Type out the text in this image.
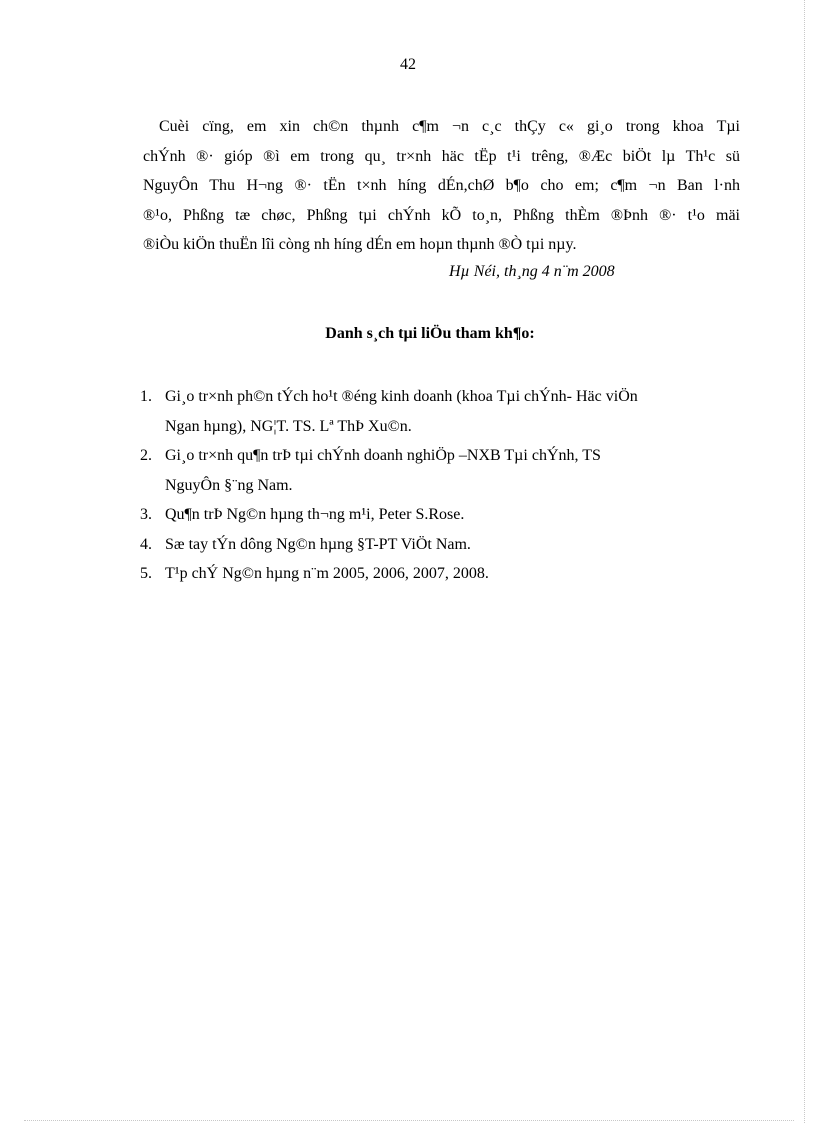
42
Cuèi cïng, em xin ch©n thµnh c¶m ¬n c¸c thÇy c« gi¸o trong khoa Tµi
chÝnh ®· gióp ®ì em trong qu¸ tr×nh häc tËp t¹i trêng, ®Æc biÖt lµ Th¹c sü
NguyÔn Thu H¬ng ®· tËn t×nh híng dÉn,chØ b¶o cho em; c¶m ¬n Ban l·nh
®¹o, Phßng tæ chøc, Phßng tµi chÝnh kÕ to¸n, Phßng thÈm ®Þnh ®· t¹o mäi
®iÒu kiÖn thuËn lîi còng nh híng dÉn em hoµn thµnh ®Ò tµi nµy.
Hµ Néi, th¸ng 4 n¨m 2008
Danh s¸ch tµi liÖu tham kh¶o:
1. Gi¸o tr×nh ph©n tÝch ho¹t ®éng kinh doanh (khoa Tµi chÝnh- Häc viÖn
Ngan hµng), NG¦T. TS. Lª ThÞ Xu©n.
2. Gi¸o tr×nh qu¶n trÞ tµi chÝnh doanh nghiÖp –NXB Tµi chÝnh, TS
NguyÔn §¨ng Nam.
3. Qu¶n trÞ Ng©n hµng th¬ng m¹i, Peter S.Rose.
4. Sæ tay tÝn dông Ng©n hµng §T-PT ViÖt Nam.
5. T¹p chÝ Ng©n hµng n¨m 2005, 2006, 2007, 2008.
